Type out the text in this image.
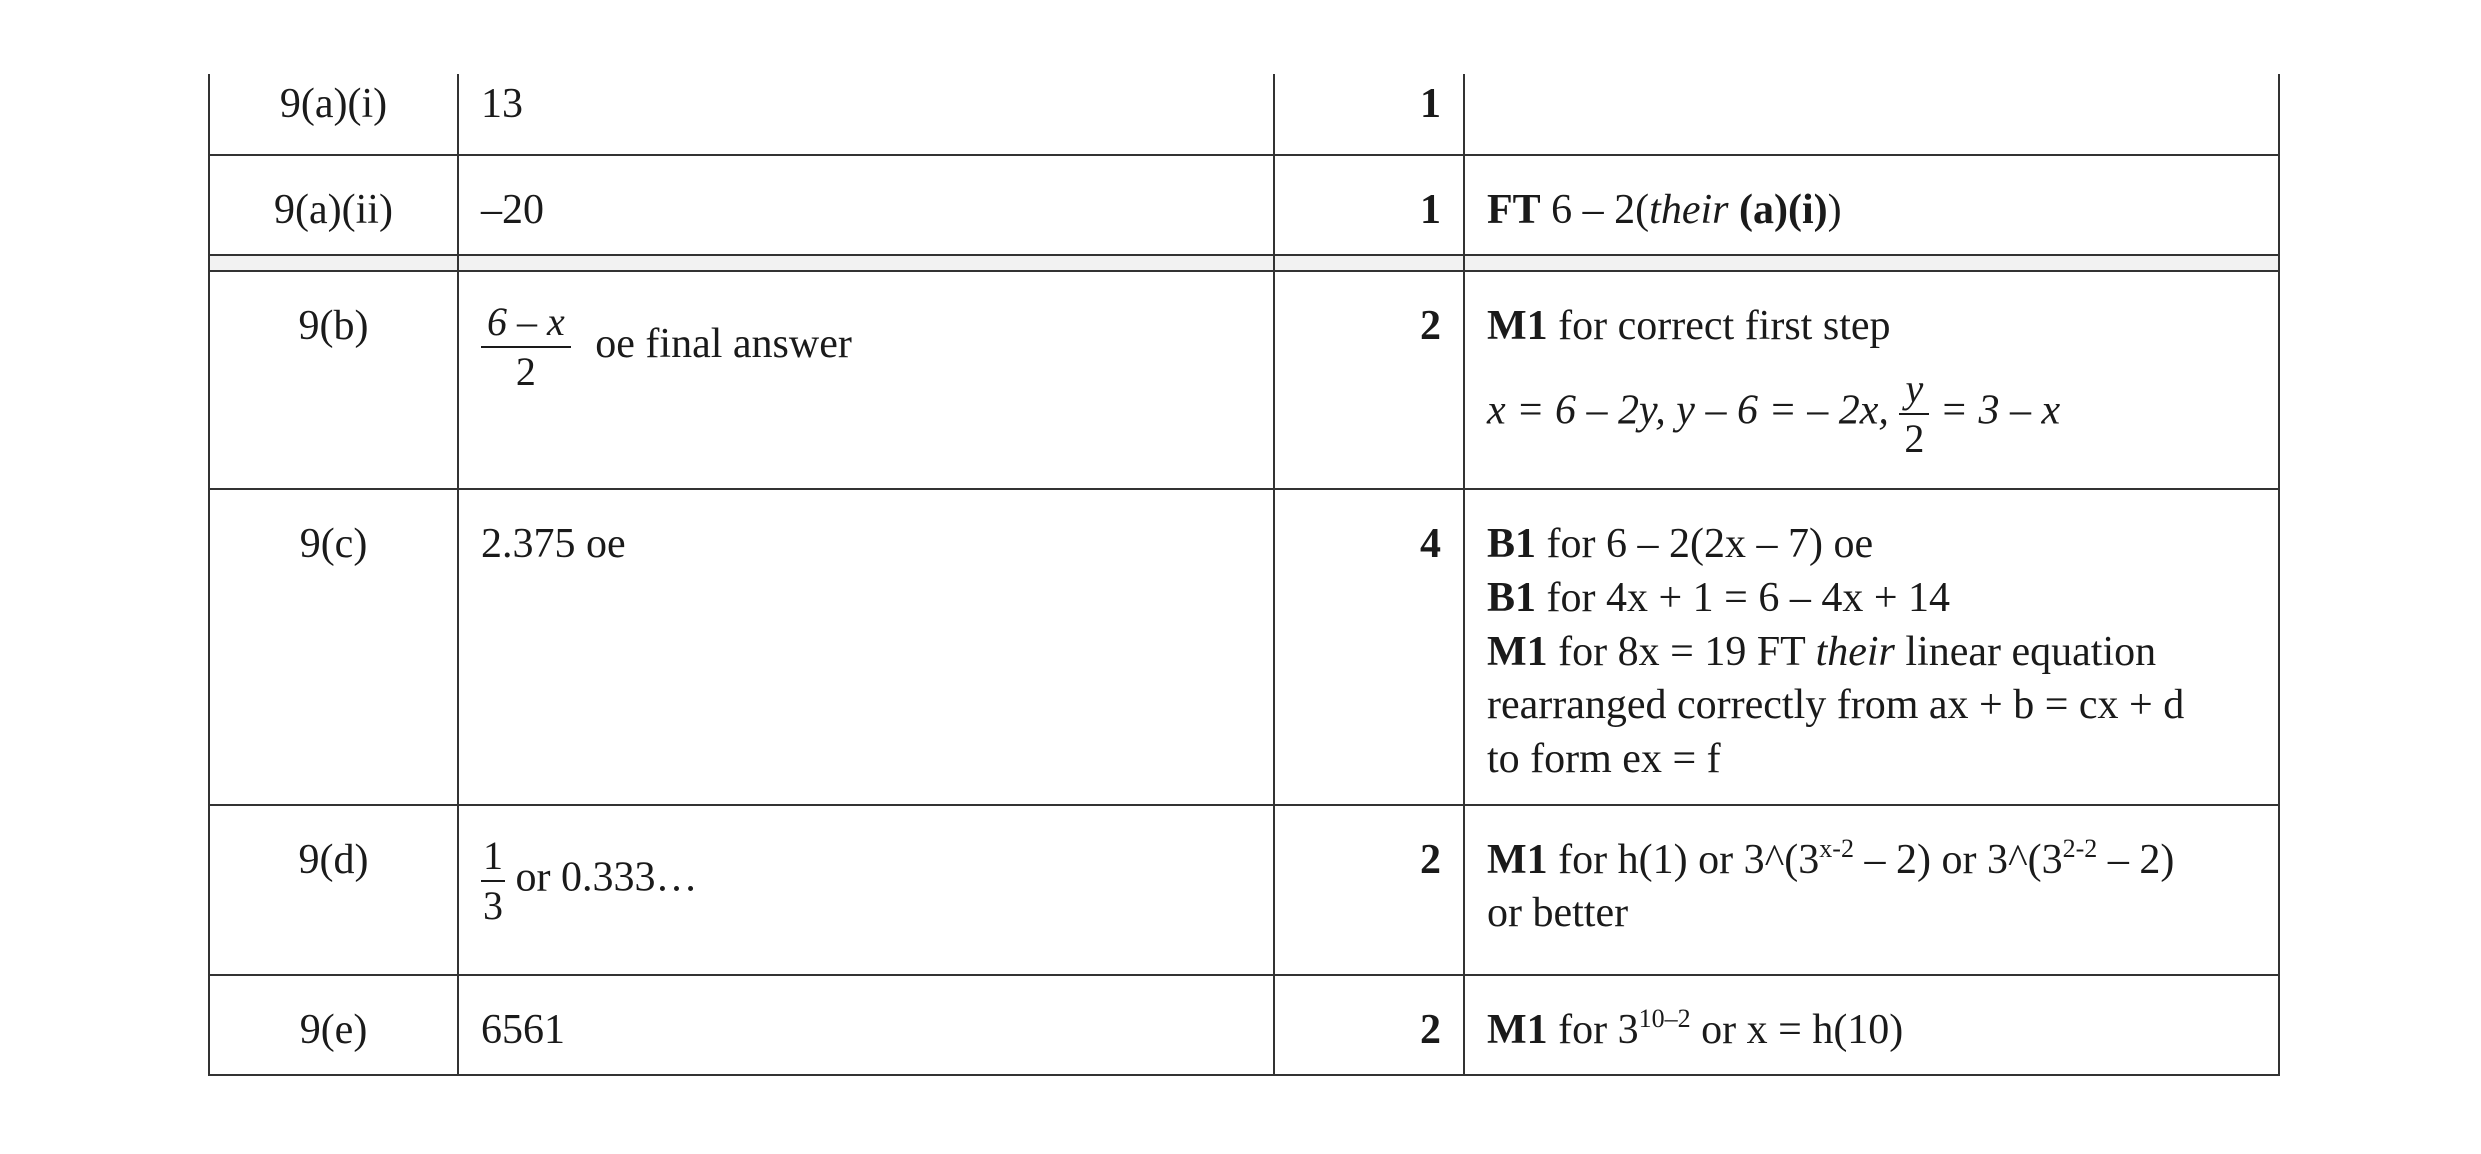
9(a)(i)	13	1	

9(a)(ii)	–20	1	FT 6 – 2(their (a)(i))

9(b)	$\frac{6 - x}{2}$ oe final answer	2	M1 for correct first step
x = 6 – 2y, y – 6 = – 2x, $\frac{y}{2} = 3 - x$

9(c)	2.375 oe	4	B1 for 6 – 2(2x – 7) oe
B1 for 4x + 1 = 6 – 4x + 14
M1 for 8x = 19 FT their linear equation
rearranged correctly from ax + b = cx + d
to form ex = f

9(d)	$\frac{1}{3}$ or 0.333…	2	M1 for h(1) or 3^(3$^{x-2}$ – 2) or 3^(3$^{2-2}$ – 2)
or better

9(e)	6561	2	M1 for 3$^{10-2}$ or x = h(10)
